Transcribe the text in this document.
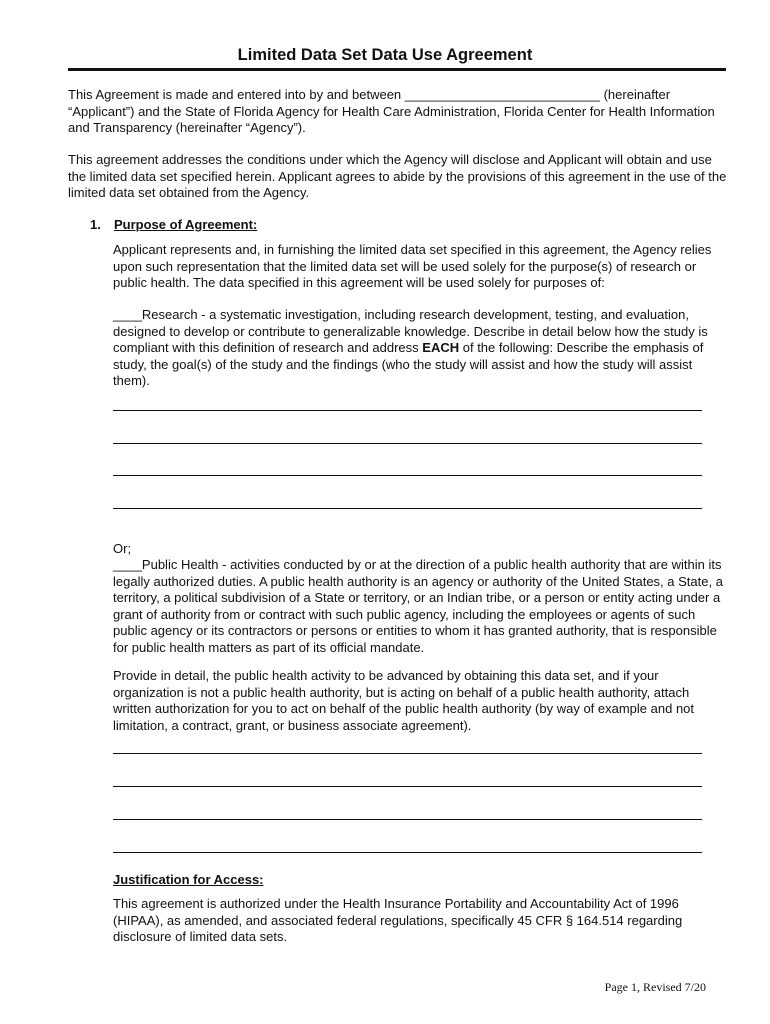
Limited Data Set Data Use Agreement

This Agreement is made and entered into by and between ___________________________ (hereinafter “Applicant”) and the State of Florida Agency for Health Care Administration, Florida Center for Health Information and Transparency (hereinafter “Agency”).

This agreement addresses the conditions under which the Agency will disclose and Applicant will obtain and use the limited data set specified herein. Applicant agrees to abide by the provisions of this agreement in the use of the limited data set obtained from the Agency.

1. Purpose of Agreement:

Applicant represents and, in furnishing the limited data set specified in this agreement, the Agency relies upon such representation that the limited data set will be used solely for the purpose(s) of research or public health. The data specified in this agreement will be used solely for purposes of:

____Research - a systematic investigation, including research development, testing, and evaluation, designed to develop or contribute to generalizable knowledge. Describe in detail below how the study is compliant with this definition of research and address EACH of the following: Describe the emphasis of study, the goal(s) of the study and the findings (who the study will assist and how the study will assist them).

Or;

____Public Health - activities conducted by or at the direction of a public health authority that are within its legally authorized duties. A public health authority is an agency or authority of the United States, a State, a territory, a political subdivision of a State or territory, or an Indian tribe, or a person or entity acting under a grant of authority from or contract with such public agency, including the employees or agents of such public agency or its contractors or persons or entities to whom it has granted authority, that is responsible for public health matters as part of its official mandate.

Provide in detail, the public health activity to be advanced by obtaining this data set, and if your organization is not a public health authority, but is acting on behalf of a public health authority, attach written authorization for you to act on behalf of the public health authority (by way of example and not limitation, a contract, grant, or business associate agreement).

Justification for Access:

This agreement is authorized under the Health Insurance Portability and Accountability Act of 1996 (HIPAA), as amended, and associated federal regulations, specifically 45 CFR § 164.514 regarding disclosure of limited data sets.

Page 1, Revised 7/20
